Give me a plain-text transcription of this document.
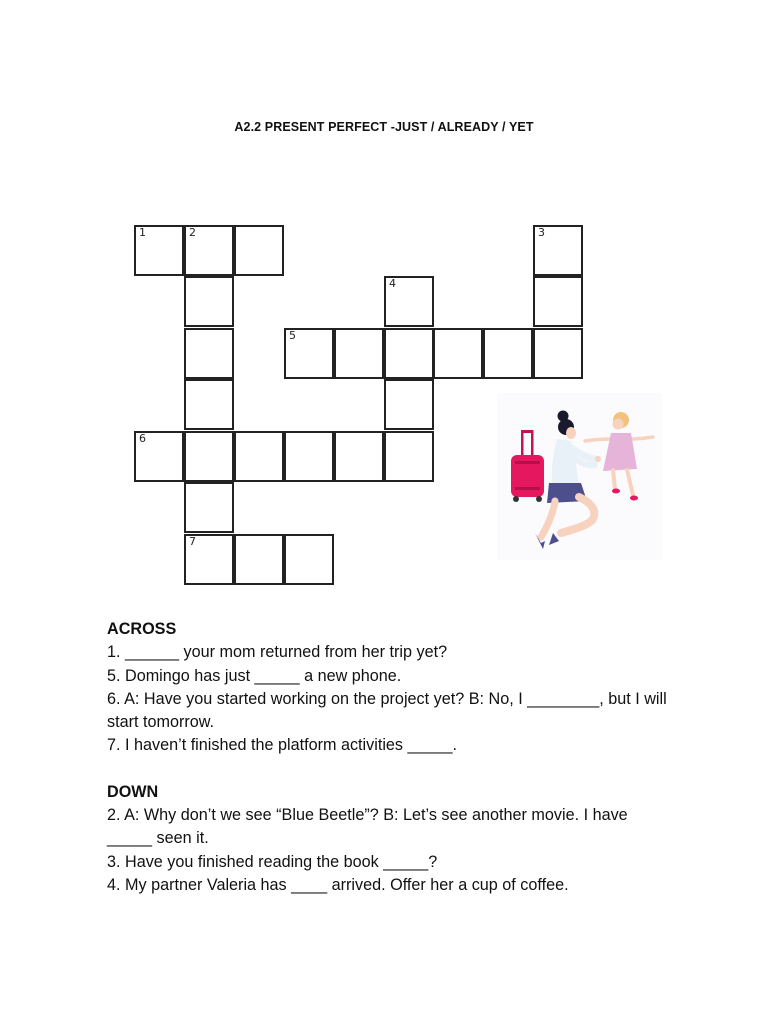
A2.2 PRESENT PERFECT -JUST / ALREADY / YET
1	2	3
4
5
6
7
ACROSS

1. ______ your mom returned from her trip yet?

5. Domingo has just _____ a new phone.

6. A: Have you started working on the project yet? B: No, I ________, but I will start tomorrow.

7. I haven’t finished the platform activities _____.

DOWN

2. A: Why don’t we see “Blue Beetle”? B: Let’s see another movie. I have _____ seen it.

3. Have you finished reading the book _____?

4. My partner Valeria has ____ arrived. Offer her a cup of coffee.
